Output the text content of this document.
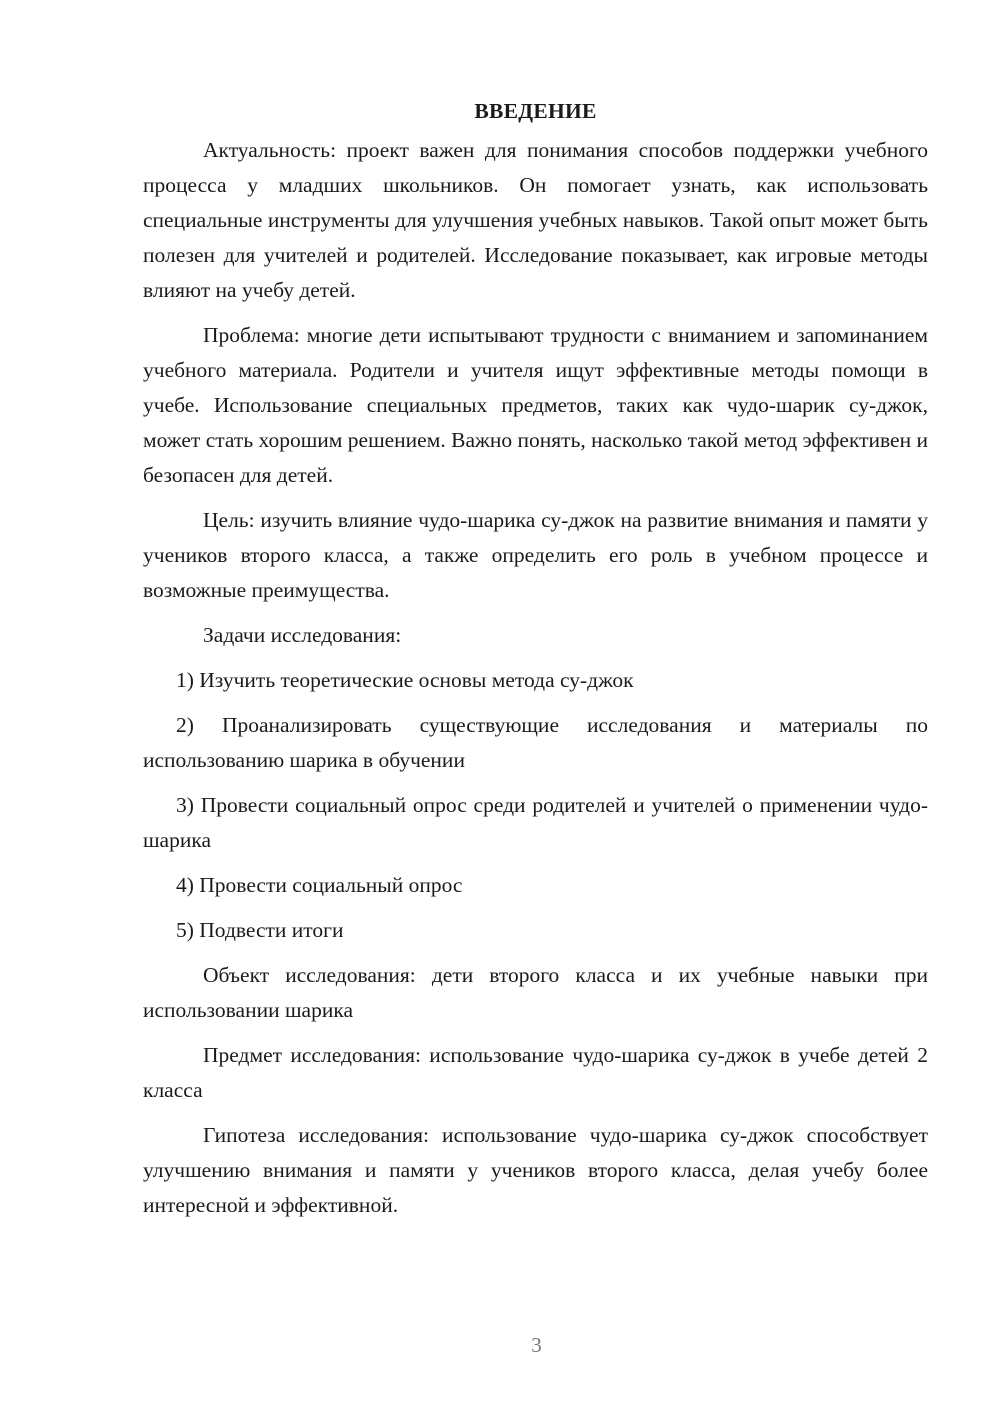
ВВЕДЕНИЕ

Актуальность: проект важен для понимания способов поддержки учебного процесса у младших школьников. Он помогает узнать, как использовать специальные инструменты для улучшения учебных навыков. Такой опыт может быть полезен для учителей и родителей. Исследование показывает, как игровые методы влияют на учебу детей.

Проблема: многие дети испытывают трудности с вниманием и запоминанием учебного материала. Родители и учителя ищут эффективные методы помощи в учебе. Использование специальных предметов, таких как чудо-шарик су-джок, может стать хорошим решением. Важно понять, насколько такой метод эффективен и безопасен для детей.

Цель: изучить влияние чудо-шарика су-джок на развитие внимания и памяти у учеников второго класса, а также определить его роль в учебном процессе и возможные преимущества.

Задачи исследования:

1) Изучить теоретические основы метода су-джок

2) Проанализировать существующие исследования и материалы по использованию шарика в обучении

3) Провести социальный опрос среди родителей и учителей о применении чудо-шарика

4) Провести социальный опрос

5) Подвести итоги

Объект исследования: дети второго класса и их учебные навыки при использовании шарика

Предмет исследования: использование чудо-шарика су-джок в учебе детей 2 класса

Гипотеза исследования: использование чудо-шарика су-джок способствует улучшению внимания и памяти у учеников второго класса, делая учебу более интересной и эффективной.

3
